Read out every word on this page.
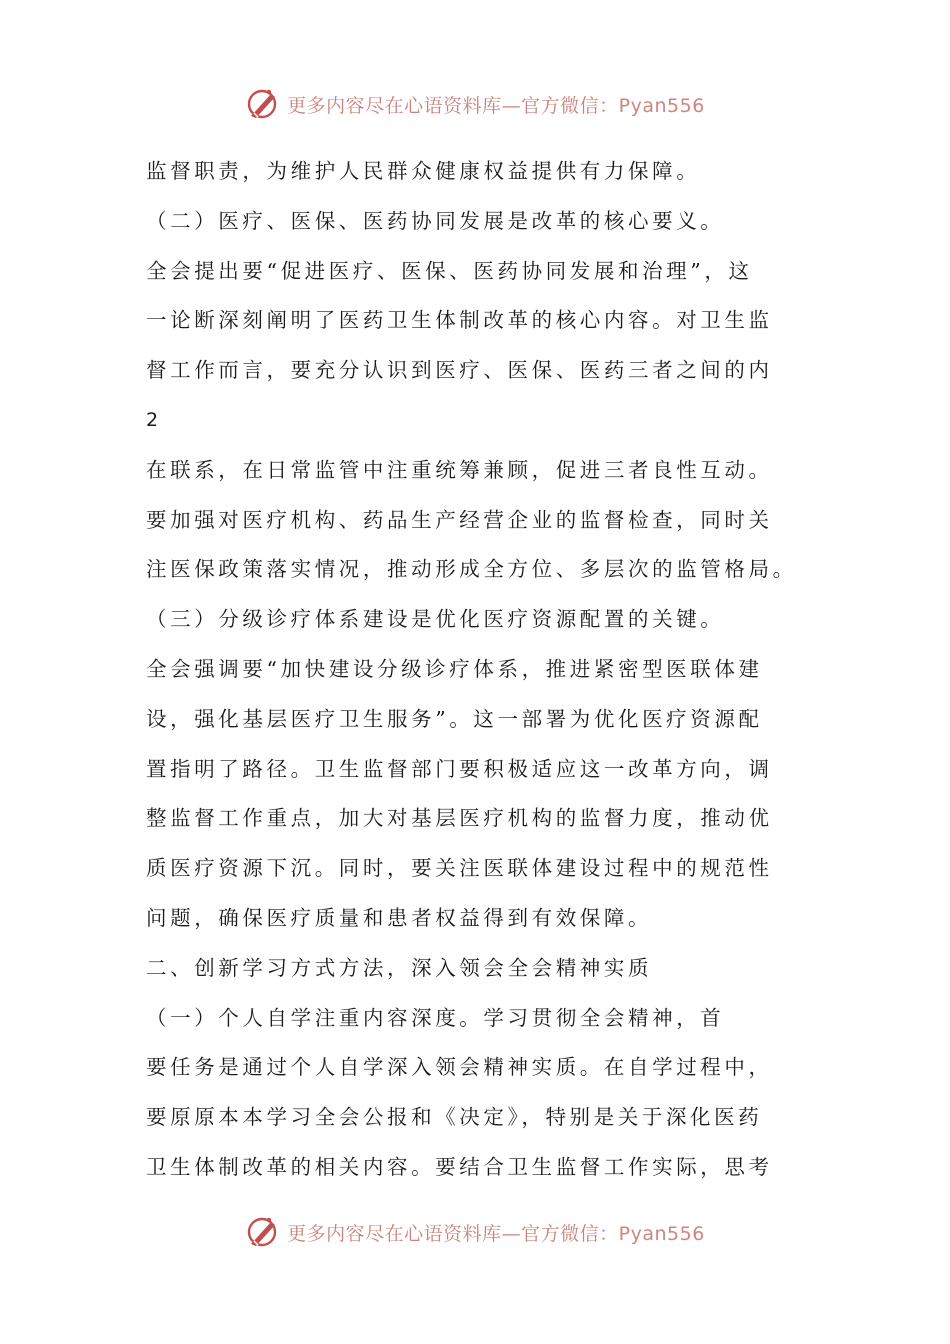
更多内容尽在心语资料库—官方微信：Pyan556
监督职责，为维护人民群众健康权益提供有力保障。
（二）医疗、医保、医药协同发展是改革的核心要义。
全会提出要“促进医疗、医保、医药协同发展和治理”，这
一论断深刻阐明了医药卫生体制改革的核心内容。对卫生监
督工作而言，要充分认识到医疗、医保、医药三者之间的内
2
在联系，在日常监管中注重统筹兼顾，促进三者良性互动。
要加强对医疗机构、药品生产经营企业的监督检查，同时关
注医保政策落实情况，推动形成全方位、多层次的监管格局。
（三）分级诊疗体系建设是优化医疗资源配置的关键。
全会强调要“加快建设分级诊疗体系，推进紧密型医联体建
设，强化基层医疗卫生服务”。这一部署为优化医疗资源配
置指明了路径。卫生监督部门要积极适应这一改革方向，调
整监督工作重点，加大对基层医疗机构的监督力度，推动优
质医疗资源下沉。同时，要关注医联体建设过程中的规范性
问题，确保医疗质量和患者权益得到有效保障。
二、创新学习方式方法，深入领会全会精神实质
（一）个人自学注重内容深度。学习贯彻全会精神，首
要任务是通过个人自学深入领会精神实质。在自学过程中，
要原原本本学习全会公报和《决定》，特别是关于深化医药
卫生体制改革的相关内容。要结合卫生监督工作实际，思考
更多内容尽在心语资料库—官方微信：Pyan556
